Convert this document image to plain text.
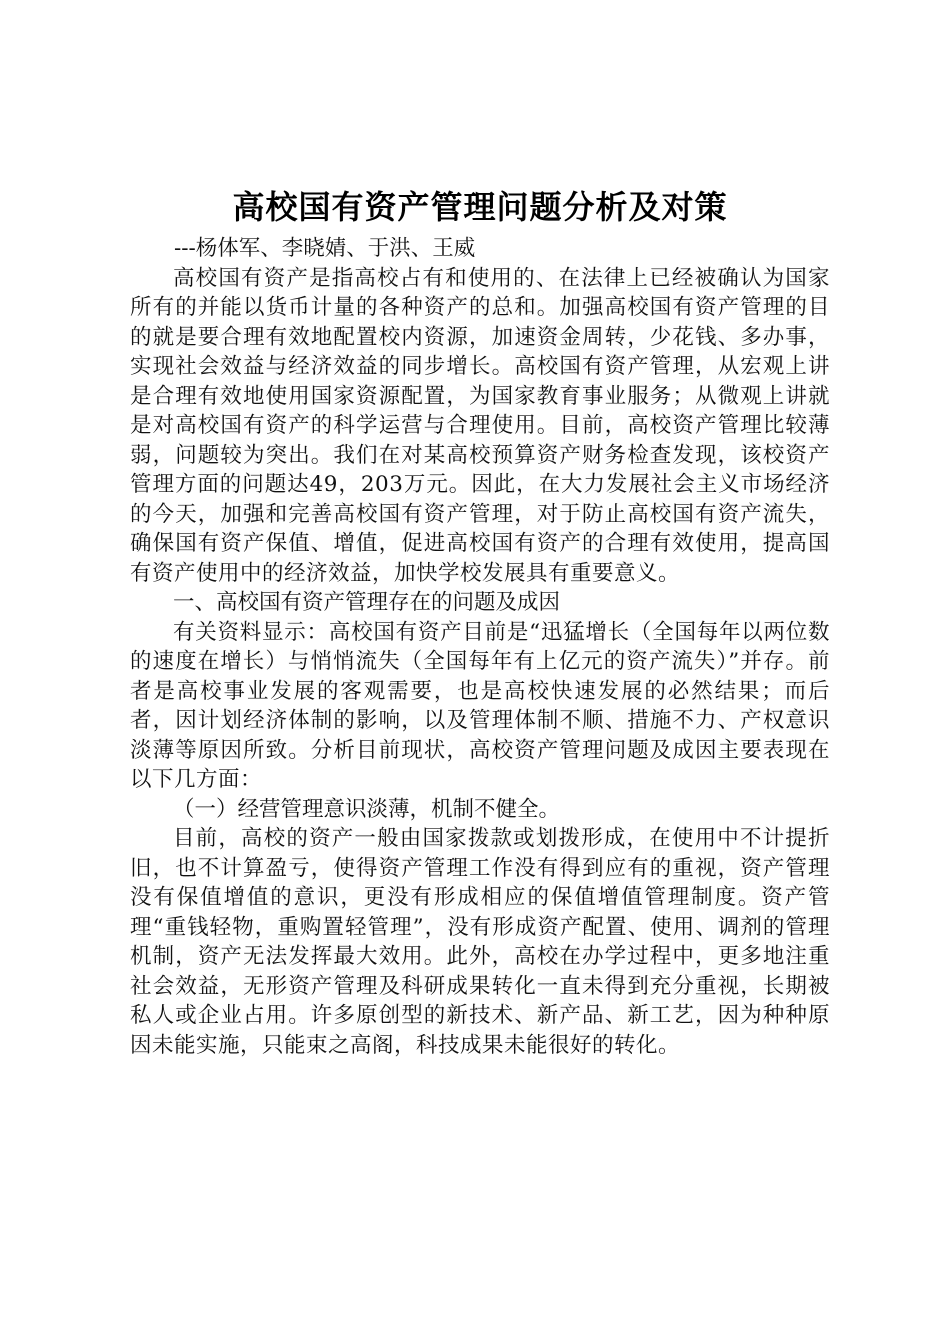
高校国有资产管理问题分析及对策

---杨体军、李晓婧、于洪、王威

高校国有资产是指高校占有和使用的、在法律上已经被确认为国家所有的并能以货币计量的各种资产的总和。加强高校国有资产管理的目的就是要合理有效地配置校内资源，加速资金周转，少花钱、多办事，实现社会效益与经济效益的同步增长。高校国有资产管理，从宏观上讲是合理有效地使用国家资源配置，为国家教育事业服务；从微观上讲就是对高校国有资产的科学运营与合理使用。目前，高校资产管理比较薄弱，问题较为突出。我们在对某高校预算资产财务检查发现，该校资产管理方面的问题达49，203万元。因此，在大力发展社会主义市场经济的今天，加强和完善高校国有资产管理，对于防止高校国有资产流失，确保国有资产保值、增值，促进高校国有资产的合理有效使用，提高国有资产使用中的经济效益，加快学校发展具有重要意义。

一、高校国有资产管理存在的问题及成因

有关资料显示：高校国有资产目前是“迅猛增长（全国每年以两位数的速度在增长）与悄悄流失（全国每年有上亿元的资产流失）”并存。前者是高校事业发展的客观需要，也是高校快速发展的必然结果；而后者，因计划经济体制的影响，以及管理体制不顺、措施不力、产权意识淡薄等原因所致。分析目前现状，高校资产管理问题及成因主要表现在以下几方面：

（一）经营管理意识淡薄，机制不健全。

目前，高校的资产一般由国家拨款或划拨形成，在使用中不计提折旧，也不计算盈亏，使得资产管理工作没有得到应有的重视，资产管理没有保值增值的意识，更没有形成相应的保值增值管理制度。资产管理“重钱轻物，重购置轻管理”，没有形成资产配置、使用、调剂的管理机制，资产无法发挥最大效用。此外，高校在办学过程中，更多地注重社会效益，无形资产管理及科研成果转化一直未得到充分重视，长期被私人或企业占用。许多原创型的新技术、新产品、新工艺，因为种种原因未能实施，只能束之高阁，科技成果未能很好的转化。
